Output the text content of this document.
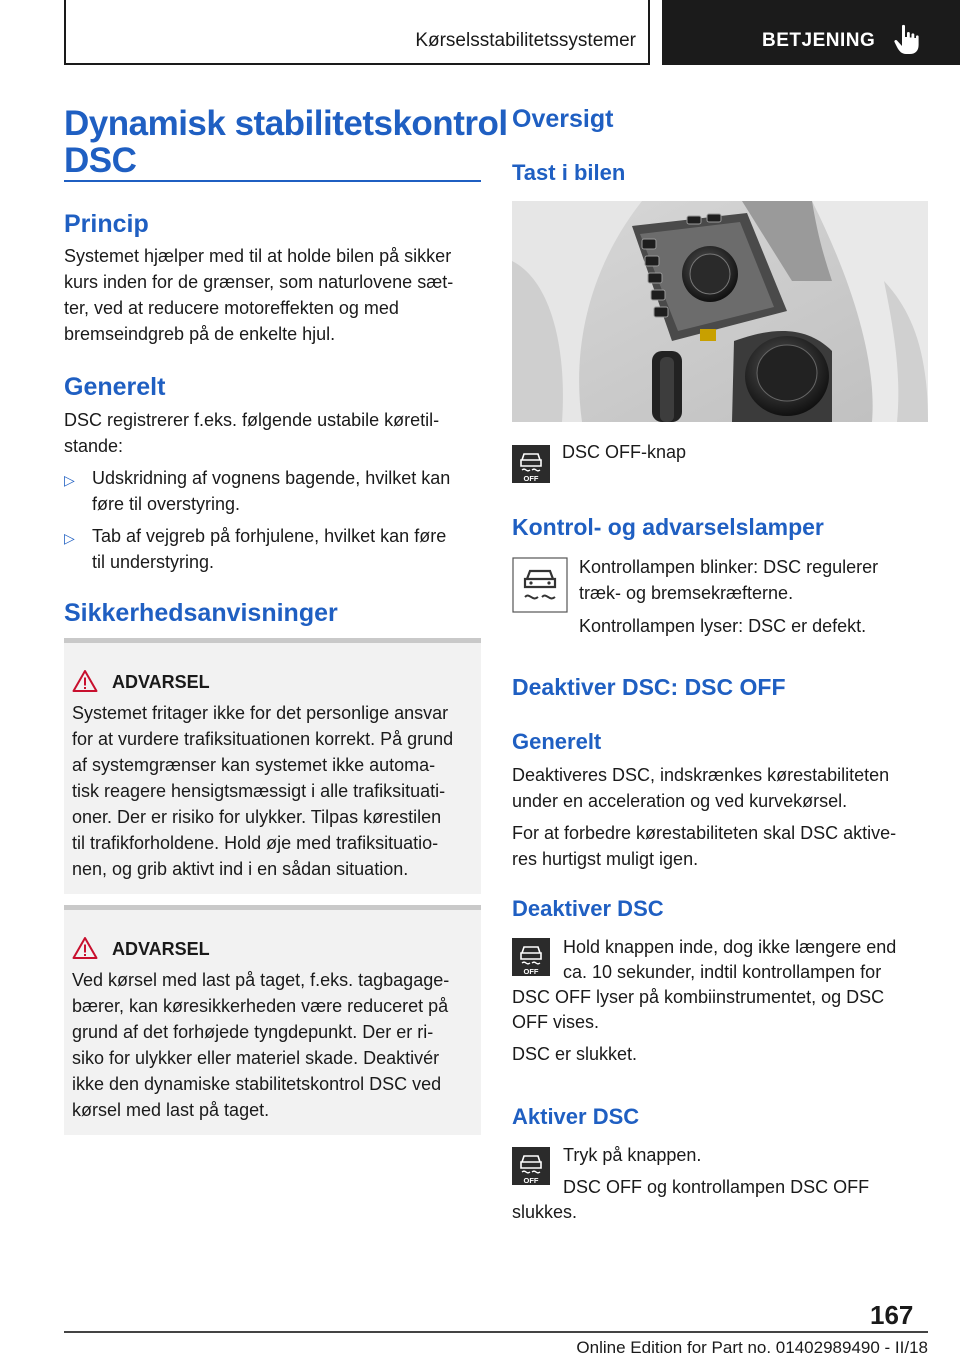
Kørselsstabilitetssystemer	BETJENING
Dynamisk stabilitetskontrol
DSC
Princip
Systemet hjælper med til at holde bilen på sikker
kurs inden for de grænser, som naturlovene sæt‐
ter, ved at reducere motoreffekten og med
bremseindgreb på de enkelte hjul.
Generelt
DSC registrerer f.eks. følgende ustabile køretil‐
stande:
▷ Udskridning af vognens bagende, hvilket kan
føre til overstyring.
▷ Tab af vejgreb på forhjulene, hvilket kan føre
til understyring.
Sikkerhedsanvisninger
ADVARSEL
Systemet fritager ikke for det personlige ansvar
for at vurdere trafiksituationen korrekt. På grund
af systemgrænser kan systemet ikke automa‐
tisk reagere hensigtsmæssigt i alle trafiksituati‐
oner. Der er risiko for ulykker. Tilpas kørestilen
til trafikforholdene. Hold øje med trafiksituatio‐
nen, og grib aktivt ind i en sådan situation.
ADVARSEL
Ved kørsel med last på taget, f.eks. tagbagage‐
bærer, kan køresikkerheden være reduceret på
grund af det forhøjede tyngdepunkt. Der er ri‐
siko for ulykker eller materiel skade. Deaktivér
ikke den dynamiske stabilitetskontrol DSC ved
kørsel med last på taget.
Oversigt
Tast i bilen
OFF
DSC OFF-knap
Kontrol- og advarselslamper
Kontrollampen blinker: DSC regulerer
træk- og bremsekræfterne.
Kontrollampen lyser: DSC er defekt.
Deaktiver DSC: DSC OFF
Generelt
Deaktiveres DSC, indskrænkes kørestabiliteten
under en acceleration og ved kurvekørsel.
For at forbedre kørestabiliteten skal DSC aktive‐
res hurtigst muligt igen.
Deaktiver DSC
OFF
Hold knappen inde, dog ikke længere end
ca. 10 sekunder, indtil kontrollampen for
DSC OFF lyser på kombiinstrumentet, og DSC
OFF vises.
DSC er slukket.
Aktiver DSC
OFF
Tryk på knappen.
DSC OFF og kontrollampen DSC OFF
slukkes.
167
Online Edition for Part no. 01402989490 - II/18
